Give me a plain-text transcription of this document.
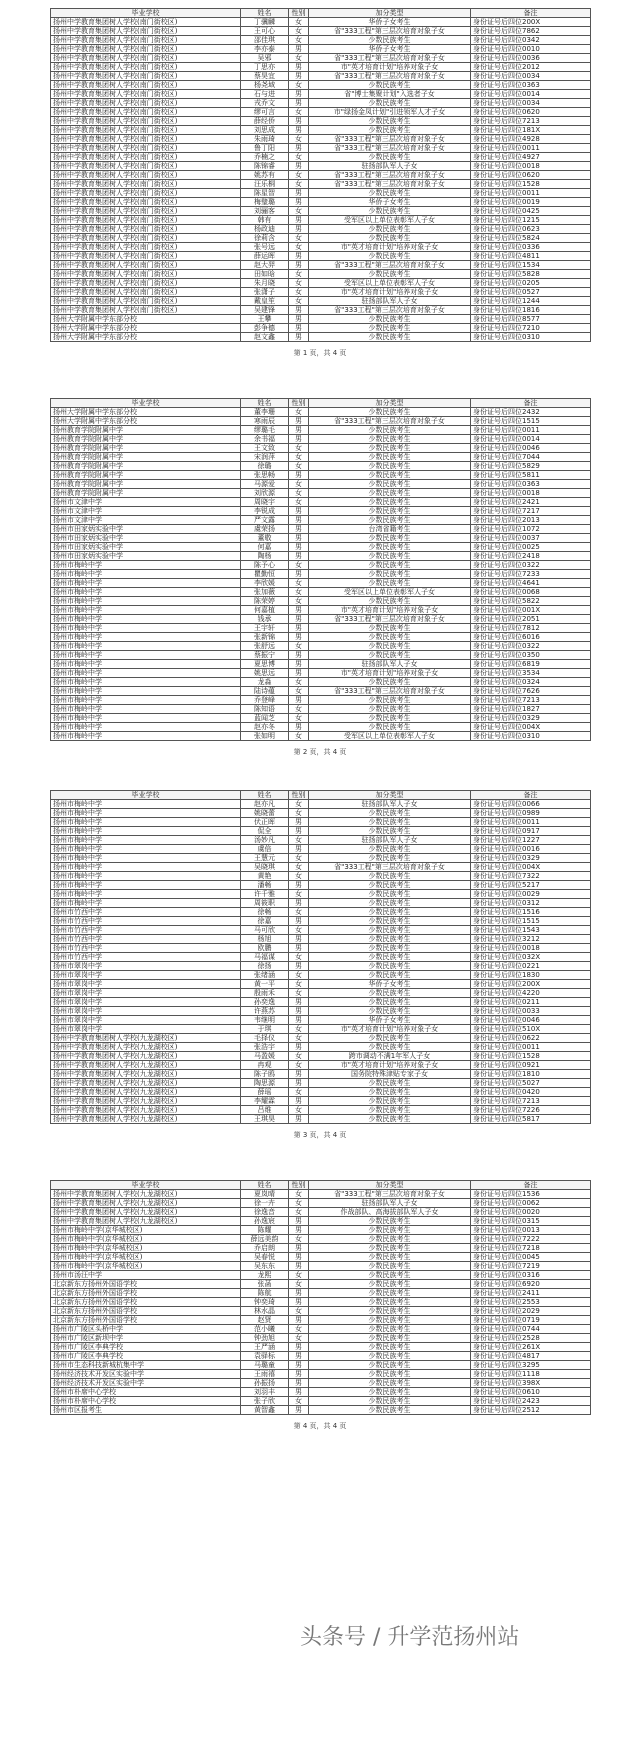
毕业学校	姓名	性别	加分类型	备注
扬州中学教育集团树人学校(南门街校区)	丁骥麟	女	华侨子女考生	身份证号后四位200X
扬州中学教育集团树人学校(南门街校区)	王可心	女	省"333工程"第三层次培育对象子女	身份证号后四位7862
扬州中学教育集团树人学校(南门街校区)	邵佳琪	女	少数民族考生	身份证号后四位0342
扬州中学教育集团树人学校(南门街校区)	李亦泰	男	华侨子女考生	身份证号后四位0010
扬州中学教育集团树人学校(南门街校区)	吴邪	女	省"333工程"第三层次培育对象子女	身份证号后四位0036
扬州中学教育集团树人学校(南门街校区)	丁思亦	男	市"英才培育计划"培养对象子女	身份证号后四位2012
扬州中学教育集团树人学校(南门街校区)	蔡昊宜	男	省"333工程"第三层次培育对象子女	身份证号后四位0034
扬州中学教育集团树人学校(南门街校区)	杨尧域	女	少数民族考生	身份证号后四位0363
扬州中学教育集团树人学校(南门街校区)	石与进	男	省"博士集聚计划"入选者子女	身份证号后四位0014
扬州中学教育集团树人学校(南门街校区)	戎乔文	男	少数民族考生	身份证号后四位0034
扬州中学教育集团树人学校(南门街校区)	缪可言	女	市"绿扬金凤计划"引进领军人才子女	身份证号后四位0620
扬州中学教育集团树人学校(南门街校区)	薛经侨	男	少数民族考生	身份证号后四位7213
扬州中学教育集团树人学校(南门街校区)	刘思成	男	少数民族考生	身份证号后四位181X
扬州中学教育集团树人学校(南门街校区)	朱雨琦	女	省"333工程"第三层次培育对象子女	身份证号后四位4928
扬州中学教育集团树人学校(南门街校区)	鲁丁阳	男	省"333工程"第三层次培育对象子女	身份证号后四位0011
扬州中学教育集团树人学校(南门街校区)	乔楠之	女	少数民族考生	身份证号后四位4927
扬州中学教育集团树人学校(南门街校区)	陈锦睿	男	驻扬部队军人子女	身份证号后四位0018
扬州中学教育集团树人学校(南门街校区)	姚苏有	女	省"333工程"第三层次培育对象子女	身份证号后四位0620
扬州中学教育集团树人学校(南门街校区)	汪乐桐	女	省"333工程"第三层次培育对象子女	身份证号后四位1528
扬州中学教育集团树人学校(南门街校区)	陈星智	男	少数民族考生	身份证号后四位0011
扬州中学教育集团树人学校(南门街校区)	梅璧璐	男	华侨子女考生	身份证号后四位0019
扬州中学教育集团树人学校(南门街校区)	刘骊客	女	少数民族考生	身份证号后四位0425
扬州中学教育集团树人学校(南门街校区)	韩有	男	受军区以上单位表彰军人子女	身份证号后四位1215
扬州中学教育集团树人学校(南门街校区)	杨政迪	男	少数民族考生	身份证号后四位0623
扬州中学教育集团树人学校(南门街校区)	徐莉含	女	少数民族考生	身份证号后四位5824
扬州中学教育集团树人学校(南门街校区)	张号远	女	市"英才培育计划"培养对象子女	身份证号后四位0336
扬州中学教育集团树人学校(南门街校区)	薛运晖	男	少数民族考生	身份证号后四位4811
扬州中学教育集团树人学校(南门街校区)	赵大羿	男	省"333工程"第三层次培育对象子女	身份证号后四位1534
扬州中学教育集团树人学校(南门街校区)	田如晗	女	少数民族考生	身份证号后四位5828
扬州中学教育集团树人学校(南门街校区)	朱月晓	女	受军区以上单位表彰军人子女	身份证号后四位0205
扬州中学教育集团树人学校(南门街校区)	张潇子	女	市"英才培育计划"培养对象子女	身份证号后四位0527
扬州中学教育集团树人学校(南门街校区)	戴皇笙	女	驻扬部队军人子女	身份证号后四位1244
扬州中学教育集团树人学校(南门街校区)	吴建锋	男	省"333工程"第三层次培育对象子女	身份证号后四位1816
扬州大学附属中学东部分校	王攀	男	少数民族考生	身份证号后四位8577
扬州大学附属中学东部分校	彭争德	男	少数民族考生	身份证号后四位7210
扬州大学附属中学东部分校	赵文鑫	男	少数民族考生	身份证号后四位0310
第 1 页，共 4 页
毕业学校	姓名	性别	加分类型	备注
扬州大学附属中学东部分校	董李珊	女	少数民族考生	身份证号后四位2432
扬州大学附属中学东部分校	寒雨辰	男	省"333工程"第三层次培育对象子女	身份证号后四位1515
扬州教育学院附属中学	缪璐毛	男	少数民族考生	身份证号后四位0011
扬州教育学院附属中学	余书福	男	少数民族考生	身份证号后四位0014
扬州教育学院附属中学	王文致	女	少数民族考生	身份证号后四位0046
扬州教育学院附属中学	宋润萍	女	少数民族考生	身份证号后四位7044
扬州教育学院附属中学	徐璐	女	少数民族考生	身份证号后四位5829
扬州教育学院附属中学	张思畅	男	少数民族考生	身份证号后四位5811
扬州教育学院附属中学	马源爱	女	少数民族考生	身份证号后四位0363
扬州教育学院附属中学	刘欣源	女	少数民族考生	身份证号后四位0018
扬州市文津中学	周晓宇	女	少数民族考生	身份证号后四位2421
扬州市文津中学	李锐成	男	少数民族考生	身份证号后四位7217
扬州市文津中学	严文露	男	少数民族考生	身份证号后四位2013
扬州市田家炳实验中学	虞荣扬	男	台湾省籍考生	身份证号后四位1072
扬州市田家炳实验中学	董敬	男	少数民族考生	身份证号后四位0037
扬州市田家炳实验中学	何嘉	男	少数民族考生	身份证号后四位0025
扬州市田家炳实验中学	陶杨	男	少数民族考生	身份证号后四位2418
扬州市梅岭中学	陈予心	女	少数民族考生	身份证号后四位0322
扬州市梅岭中学	瞿勤恒	男	少数民族考生	身份证号后四位7233
扬州市梅岭中学	李欣媛	女	少数民族考生	身份证号后四位4641
扬州市梅岭中学	张加薇	女	受军区以上单位表彰军人子女	身份证号后四位0068
扬州市梅岭中学	陈荣婷	女	少数民族考生	身份证号后四位5822
扬州市梅岭中学	何嘉植	男	市"英才培育计划"培养对象子女	身份证号后四位001X
扬州市梅岭中学	钱承	男	省"333工程"第三层次培育对象子女	身份证号后四位2051
扬州市梅岭中学	王宇轩	男	少数民族考生	身份证号后四位7812
扬州市梅岭中学	张新锦	男	少数民族考生	身份证号后四位6016
扬州市梅岭中学	张舒远	女	少数民族考生	身份证号后四位0322
扬州市梅岭中学	蔡振宁	男	少数民族考生	身份证号后四位0350
扬州市梅岭中学	夏思博	男	驻扬部队军人子女	身份证号后四位6819
扬州市梅岭中学	姚思远	男	市"英才培育计划"培养对象子女	身份证号后四位3534
扬州市梅岭中学	龙淼	女	少数民族考生	身份证号后四位0324
扬州市梅岭中学	陆诗蕴	女	省"333工程"第三层次培育对象子女	身份证号后四位7626
扬州市梅岭中学	乔登峰	男	少数民族考生	身份证号后四位7213
扬州市梅岭中学	陈知语	女	少数民族考生	身份证号后四位1827
扬州市梅岭中学	蓝闻芝	女	少数民族考生	身份证号后四位0329
扬州市梅岭中学	赵亦冬	男	少数民族考生	身份证号后四位004X
扬州市梅岭中学	张如明	女	受军区以上单位表彰军人子女	身份证号后四位0310
第 2 页，共 4 页
毕业学校	姓名	性别	加分类型	备注
扬州市梅岭中学	赵亦凡	女	驻扬部队军人子女	身份证号后四位0066
扬州市梅岭中学	姚晓蕾	女	少数民族考生	身份证号后四位0989
扬州市梅岭中学	伏正晖	男	少数民族考生	身份证号后四位0011
扬州市梅岭中学	侃全	男	少数民族考生	身份证号后四位0917
扬州市梅岭中学	汤妙凡	女	驻扬部队军人子女	身份证号后四位1227
扬州市梅岭中学	虞倍	男	少数民族考生	身份证号后四位0016
扬州市梅岭中学	王慧元	女	少数民族考生	身份证号后四位0329
扬州市梅岭中学	吴晓琪	女	省"333工程"第三层次培育对象子女	身份证号后四位004X
扬州市梅岭中学	黄艳	女	少数民族考生	身份证号后四位7322
扬州市梅岭中学	潘畅	男	少数民族考生	身份证号后四位5217
扬州市梅岭中学	许千雅	女	少数民族考生	身份证号后四位0029
扬州市梅岭中学	周筱职	男	少数民族考生	身份证号后四位0312
扬州市竹西中学	徐畅	女	少数民族考生	身份证号后四位1516
扬州市竹西中学	徐嘉	男	少数民族考生	身份证号后四位1515
扬州市竹西中学	马可欣	女	少数民族考生	身份证号后四位1543
扬州市竹西中学	杨旭	男	少数民族考生	身份证号后四位3212
扬州市竹西中学	欧鹏	男	少数民族考生	身份证号后四位0018
扬州市竹西中学	马福谋	女	少数民族考生	身份证号后四位032X
扬州市翠岗中学	徐扬	男	少数民族考生	身份证号后四位0221
扬州市翠岗中学	张绪涵	女	少数民族考生	身份证号后四位1830
扬州市翠岗中学	黄一平	女	华侨子女考生	身份证号后四位200X
扬州市翠岗中学	殷雨禾	女	少数民族考生	身份证号后四位4220
扬州市翠岗中学	孙奕逸	男	少数民族考生	身份证号后四位0211
扬州市翠岗中学	许燕苏	男	少数民族考生	身份证号后四位0033
扬州市翠岗中学	韦继明	男	华侨子女考生	身份证号后四位0046
扬州市翠岗中学	于琪	女	市"英才培育计划"培养对象子女	身份证号后四位510X
扬州中学教育集团树人学校(九龙湖校区)	毛择仪	女	少数民族考生	身份证号后四位0622
扬州中学教育集团树人学校(九龙湖校区)	张浩宇	男	少数民族考生	身份证号后四位0011
扬州中学教育集团树人学校(九龙湖校区)	马盈媛	女	跨市调动不满1年军人子女	身份证号后四位1528
扬州中学教育集团树人学校(九龙湖校区)	冉观	女	市"英才培育计划"培养对象子女	身份证号后四位0921
扬州中学教育集团树人学校(九龙湖校区)	陈子鸥	男	国务院特殊津贴专家子女	身份证号后四位1810
扬州中学教育集团树人学校(九龙湖校区)	陶思源	男	少数民族考生	身份证号后四位5027
扬州中学教育集团树人学校(九龙湖校区)	薛瑶	女	少数民族考生	身份证号后四位0420
扬州中学教育集团树人学校(九龙湖校区)	李耀霖	男	少数民族考生	身份证号后四位7213
扬州中学教育集团树人学校(九龙湖校区)	吕维	女	少数民族考生	身份证号后四位7226
扬州中学教育集团树人学校(九龙湖校区)	王琪昊	男	少数民族考生	身份证号后四位5817
第 3 页，共 4 页
毕业学校	姓名	性别	加分类型	备注
扬州中学教育集团树人学校(九龙湖校区)	夏岚晴	女	省"333工程"第三层次培育对象子女	身份证号后四位1536
扬州中学教育集团树人学校(九龙湖校区)	徐一卉	女	驻扬部队军人子女	身份证号后四位0062
扬州中学教育集团树人学校(九龙湖校区)	徐逸音	女	作战部队、高海拔部队军人子女	身份证号后四位0020
扬州中学教育集团树人学校(九龙湖校区)	孙逸宸	男	少数民族考生	身份证号后四位0315
扬州市梅岭中学(京华城校区)	陈耀	男	少数民族考生	身份证号后四位0013
扬州市梅岭中学(京华城校区)	薛远美韵	女	少数民族考生	身份证号后四位7222
扬州市梅岭中学(京华城校区)	乔启朗	男	少数民族考生	身份证号后四位7218
扬州市梅岭中学(京华城校区)	吴春悦	男	少数民族考生	身份证号后四位0045
扬州市梅岭中学(京华城校区)	吴东东	男	少数民族考生	身份证号后四位7219
扬州市汤汪中学	龙熙	女	少数民族考生	身份证号后四位0316
北京新东方扬州外国语学校	张菡	女	少数民族考生	身份证号后四位6920
北京新东方扬州外国语学校	陈航	男	少数民族考生	身份证号后四位2411
北京新东方扬州外国语学校	钟奕琦	男	少数民族考生	身份证号后四位2553
北京新东方扬州外国语学校	林水晶	女	少数民族考生	身份证号后四位2029
北京新东方扬州外国语学校	赵贤	男	少数民族考生	身份证号后四位0719
扬州市广陵区头桥中学	范小曦	女	少数民族考生	身份证号后四位0744
扬州市广陵区新坝中学	钟劲旭	女	少数民族考生	身份证号后四位2528
扬州市广陵区李典学校	王严涵	男	少数民族考生	身份证号后四位261X
扬州市广陵区李典学校	袁驿标	男	少数民族考生	身份证号后四位4817
扬州市生态科技新城杭集中学	马璐童	男	少数民族考生	身份证号后四位3295
扬州经济技术开发区实验中学	王雨禧	男	少数民族考生	身份证号后四位1118
扬州经济技术开发区实验中学	孙振扬	男	少数民族考生	身份证号后四位398X
扬州市朴席中心学校	刘羽丰	男	少数民族考生	身份证号后四位0610
扬州市朴席中心学校	张子欣	女	少数民族考生	身份证号后四位2423
扬州市区报考生	黄智鑫	男	少数民族考生	身份证号后四位2512
第 4 页，共 4 页
头条号 / 升学范扬州站
